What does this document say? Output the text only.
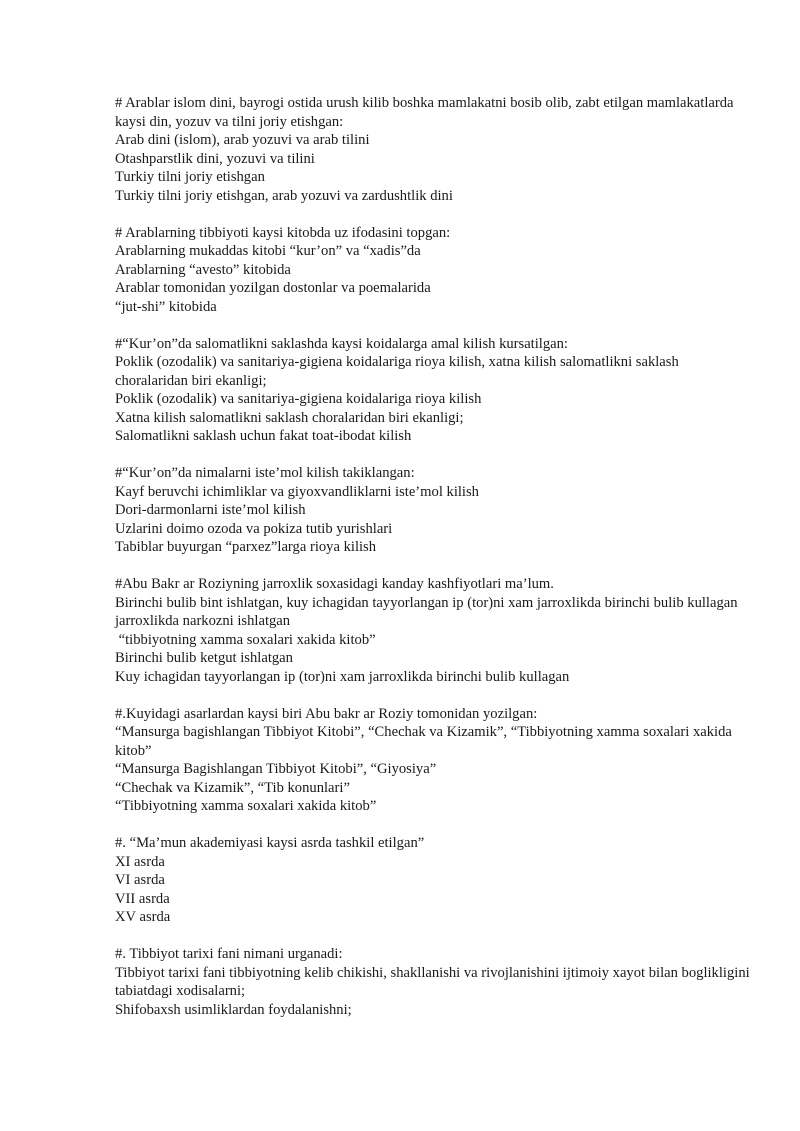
# Arablar islom dini, bayrogi ostida urush kilib boshka mamlakatni bosib olib, zabt etilgan mamlakatlarda kaysi din, yozuv va tilni joriy etishgan:
Arab dini (islom), arab yozuvi va arab tilini
Otashparstlik dini, yozuvi va tilini
Turkiy tilni joriy etishgan
Turkiy tilni joriy etishgan, arab yozuvi va zardushtlik dini
# Arablarning tibbiyoti kaysi kitobda uz ifodasini topgan:
Arablarning mukaddas kitobi “kur’on” va “xadis”da
Arablarning “avesto” kitobida
Arablar tomonidan yozilgan dostonlar va poemalarida
“jut-shi” kitobida
#“Kur’on”da salomatlikni saklashda kaysi koidalarga amal kilish kursatilgan:
Poklik (ozodalik) va sanitariya-gigiena koidalariga rioya kilish, xatna kilish salomatlikni saklash choralaridan biri ekanligi;
Poklik (ozodalik) va sanitariya-gigiena koidalariga rioya kilish
Xatna kilish salomatlikni saklash choralaridan biri ekanligi;
Salomatlikni saklash uchun fakat toat-ibodat kilish
#“Kur’on”da nimalarni iste’mol kilish takiklangan:
Kayf beruvchi ichimliklar va giyoxvandliklarni iste’mol kilish
Dori-darmonlarni iste’mol kilish
Uzlarini doimo ozoda va pokiza tutib yurishlari
Tabiblar buyurgan “parxez”larga rioya kilish
#Abu Bakr ar Roziyning jarroxlik soxasidagi kanday kashfiyotlari ma’lum.
Birinchi bulib bint ishlatgan, kuy ichagidan tayyorlangan ip (tor)ni xam jarroxlikda birinchi bulib kullagan jarroxlikda narkozni ishlatgan
“tibbiyotning xamma soxalari xakida kitob”
Birinchi bulib ketgut ishlatgan
Kuy ichagidan tayyorlangan ip (tor)ni xam jarroxlikda birinchi bulib kullagan
#.Kuyidagi asarlardan kaysi biri Abu bakr ar Roziy tomonidan yozilgan:
“Mansurga bagishlangan Tibbiyot Kitobi”, “Chechak va Kizamik”, “Tibbiyotning xamma soxalari xakida kitob”
“Mansurga Bagishlangan Tibbiyot Kitobi”, “Giyosiya”
“Chechak va Kizamik”, “Tib konunlari”
“Tibbiyotning xamma soxalari xakida kitob”
#. “Ma’mun akademiyasi kaysi asrda tashkil etilgan”
XI asrda
VI asrda
VII asrda
XV asrda
#. Tibbiyot tarixi fani nimani urganadi:
Tibbiyot tarixi fani tibbiyotning kelib chikishi, shakllanishi va rivojlanishini ijtimoiy xayot bilan boglikligini
tabiatdagi xodisalarni;
Shifobaxsh usimliklardan foydalanishni;
